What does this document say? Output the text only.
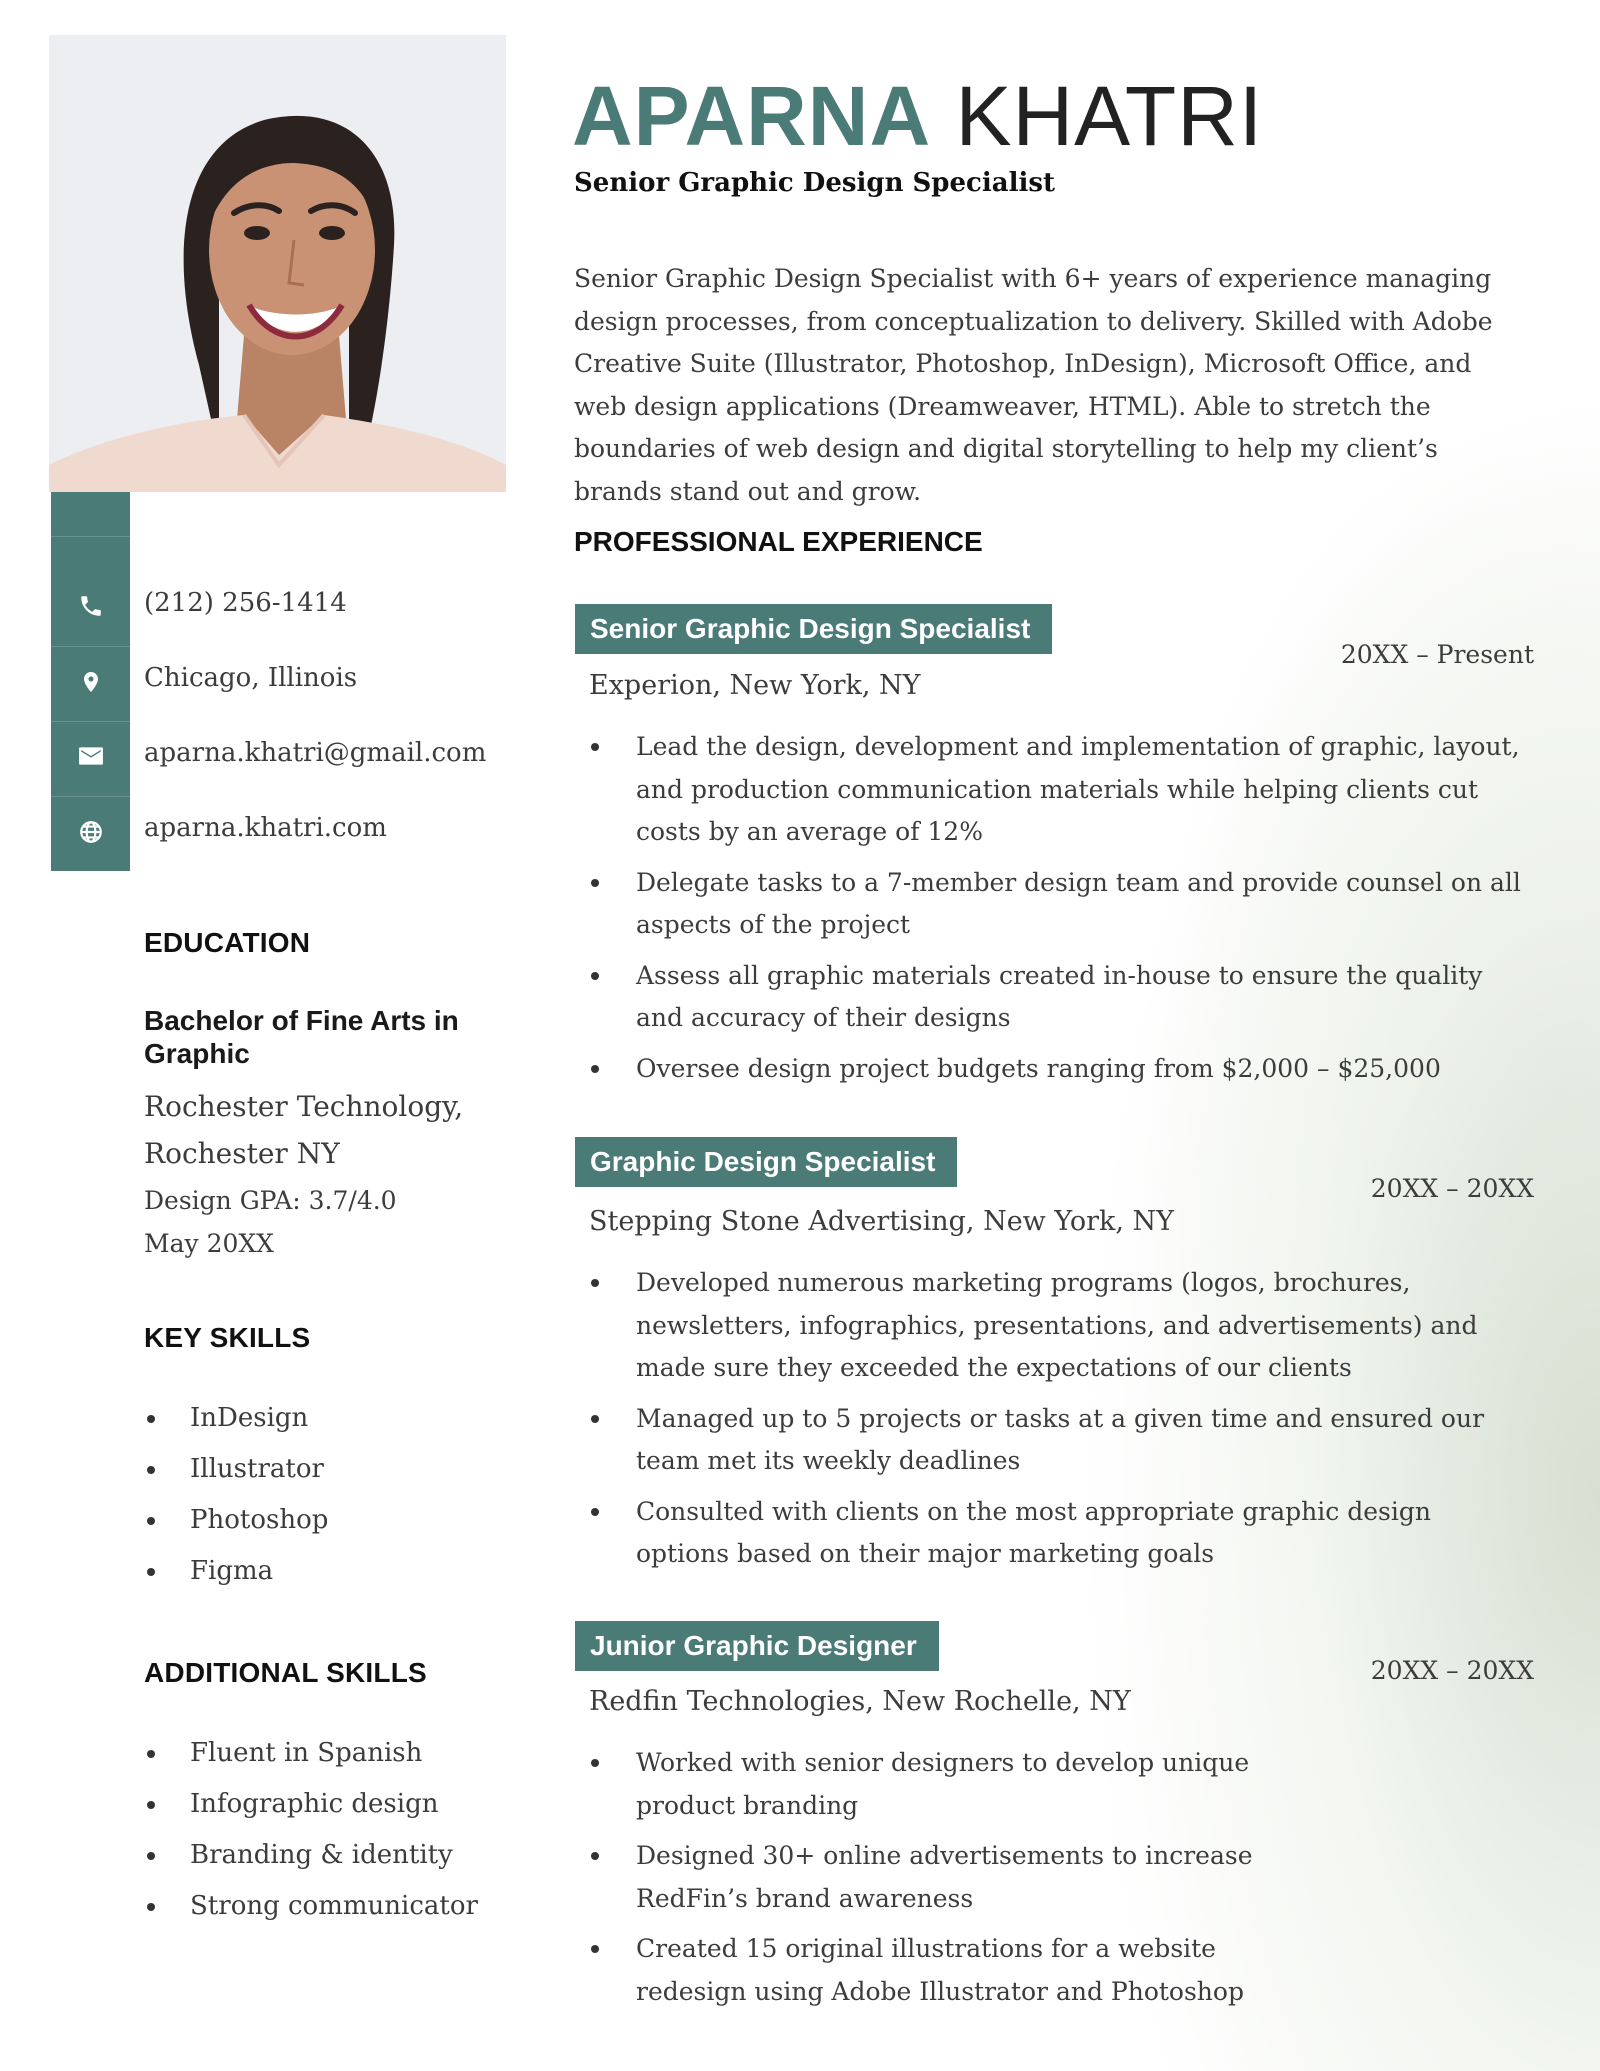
(212) 256-1414
Chicago, Illinois
aparna.khatri@gmail.com
aparna.khatri.com
EDUCATION
Bachelor of Fine Arts in Graphic
Rochester Technology,
Rochester NY
Design GPA: 3.7/4.0
May 20XX
KEY SKILLS
InDesign
Illustrator
Photoshop
Figma
ADDITIONAL SKILLS
Fluent in Spanish
Infographic design
Branding & identity
Strong communicator
APARNA KHATRI
Senior Graphic Design Specialist
Senior Graphic Design Specialist with 6+ years of experience managing design processes, from conceptualization to delivery. Skilled with Adobe Creative Suite (Illustrator, Photoshop, InDesign), Microsoft Office, and web design applications (Dreamweaver, HTML). Able to stretch the boundaries of web design and digital storytelling to help my client’s brands stand out and grow.
PROFESSIONAL EXPERIENCE
Senior Graphic Design Specialist
20XX – Present
Experion, New York, NY
Lead the design, development and implementation of graphic, layout, and production communication materials while helping clients cut costs by an average of 12%
Delegate tasks to a 7-member design team and provide counsel on all aspects of the project
Assess all graphic materials created in-house to ensure the quality and accuracy of their designs
Oversee design project budgets ranging from $2,000 – $25,000
Graphic Design Specialist
20XX – 20XX
Stepping Stone Advertising, New York, NY
Developed numerous marketing programs (logos, brochures, newsletters, infographics, presentations, and advertisements) and made sure they exceeded the expectations of our clients
Managed up to 5 projects or tasks at a given time and ensured our team met its weekly deadlines
Consulted with clients on the most appropriate graphic design options based on their major marketing goals
Junior Graphic Designer
20XX – 20XX
Redfin Technologies, New Rochelle, NY
Worked with senior designers to develop unique product branding
Designed 30+ online advertisements to increase RedFin’s brand awareness
Created 15 original illustrations for a website redesign using Adobe Illustrator and Photoshop
